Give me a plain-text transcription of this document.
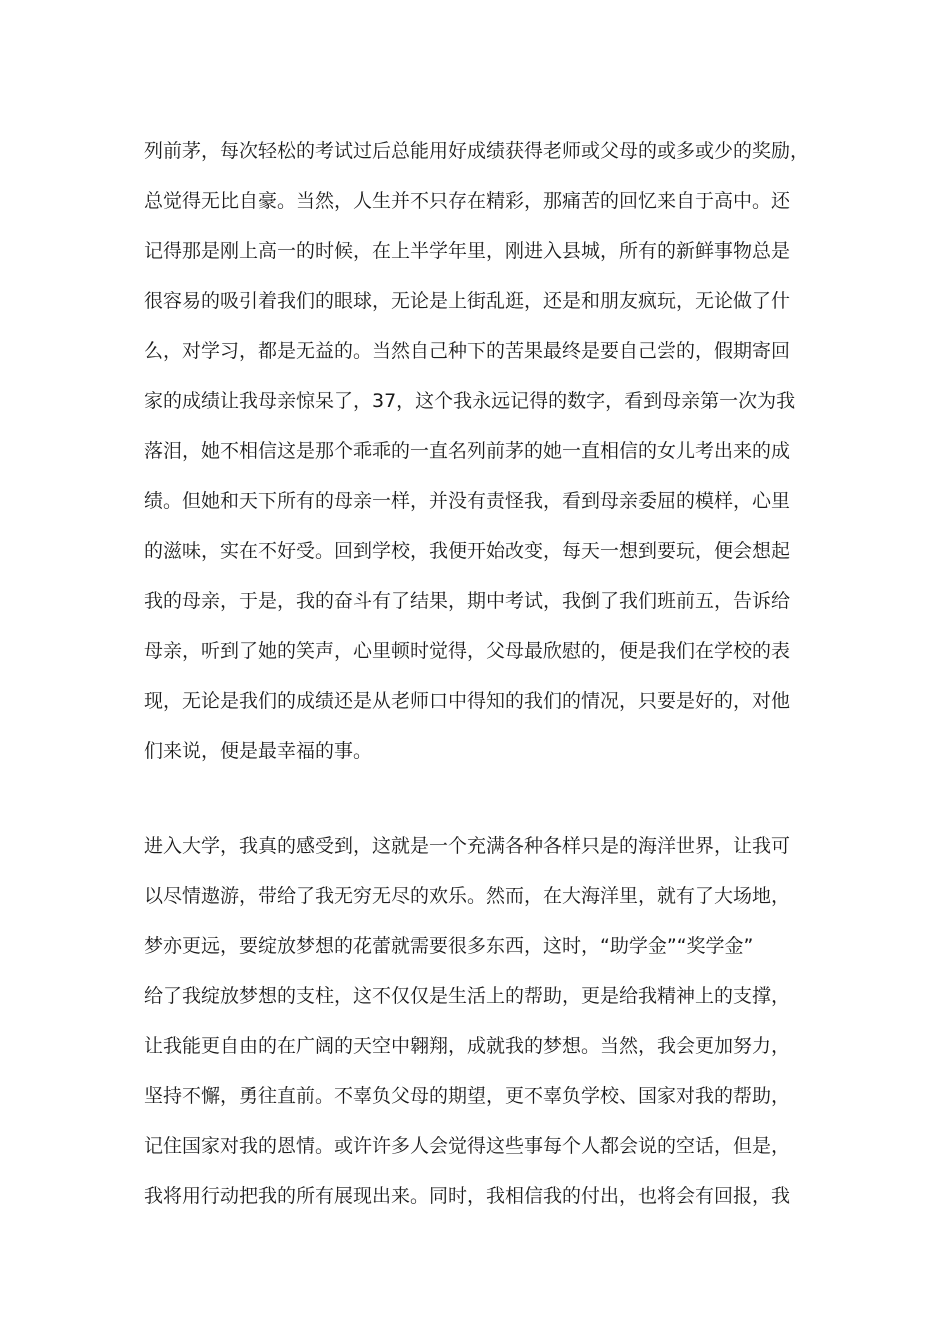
列前茅，每次轻松的考试过后总能用好成绩获得老师或父母的或多或少的奖励，
总觉得无比自豪。当然，人生并不只存在精彩，那痛苦的回忆来自于高中。还
记得那是刚上高一的时候，在上半学年里，刚进入县城，所有的新鲜事物总是
很容易的吸引着我们的眼球，无论是上街乱逛，还是和朋友疯玩，无论做了什
么，对学习，都是无益的。当然自己种下的苦果最终是要自己尝的，假期寄回
家的成绩让我母亲惊呆了，37，这个我永远记得的数字，看到母亲第一次为我
落泪，她不相信这是那个乖乖的一直名列前茅的她一直相信的女儿考出来的成
绩。但她和天下所有的母亲一样，并没有责怪我，看到母亲委屈的模样，心里
的滋味，实在不好受。回到学校，我便开始改变，每天一想到要玩，便会想起
我的母亲，于是，我的奋斗有了结果，期中考试，我倒了我们班前五，告诉给
母亲，听到了她的笑声，心里顿时觉得，父母最欣慰的，便是我们在学校的表
现，无论是我们的成绩还是从老师口中得知的我们的情况，只要是好的，对他
们来说，便是最幸福的事。
进入大学，我真的感受到，这就是一个充满各种各样只是的海洋世界，让我可
以尽情遨游，带给了我无穷无尽的欢乐。然而，在大海洋里，就有了大场地，
梦亦更远，要绽放梦想的花蕾就需要很多东西，这时，“助学金”“奖学金”
给了我绽放梦想的支柱，这不仅仅是生活上的帮助，更是给我精神上的支撑，
让我能更自由的在广阔的天空中翱翔，成就我的梦想。当然，我会更加努力，
坚持不懈，勇往直前。不辜负父母的期望，更不辜负学校、国家对我的帮助，
记住国家对我的恩情。或许许多人会觉得这些事每个人都会说的空话，但是，
我将用行动把我的所有展现出来。同时，我相信我的付出，也将会有回报，我
